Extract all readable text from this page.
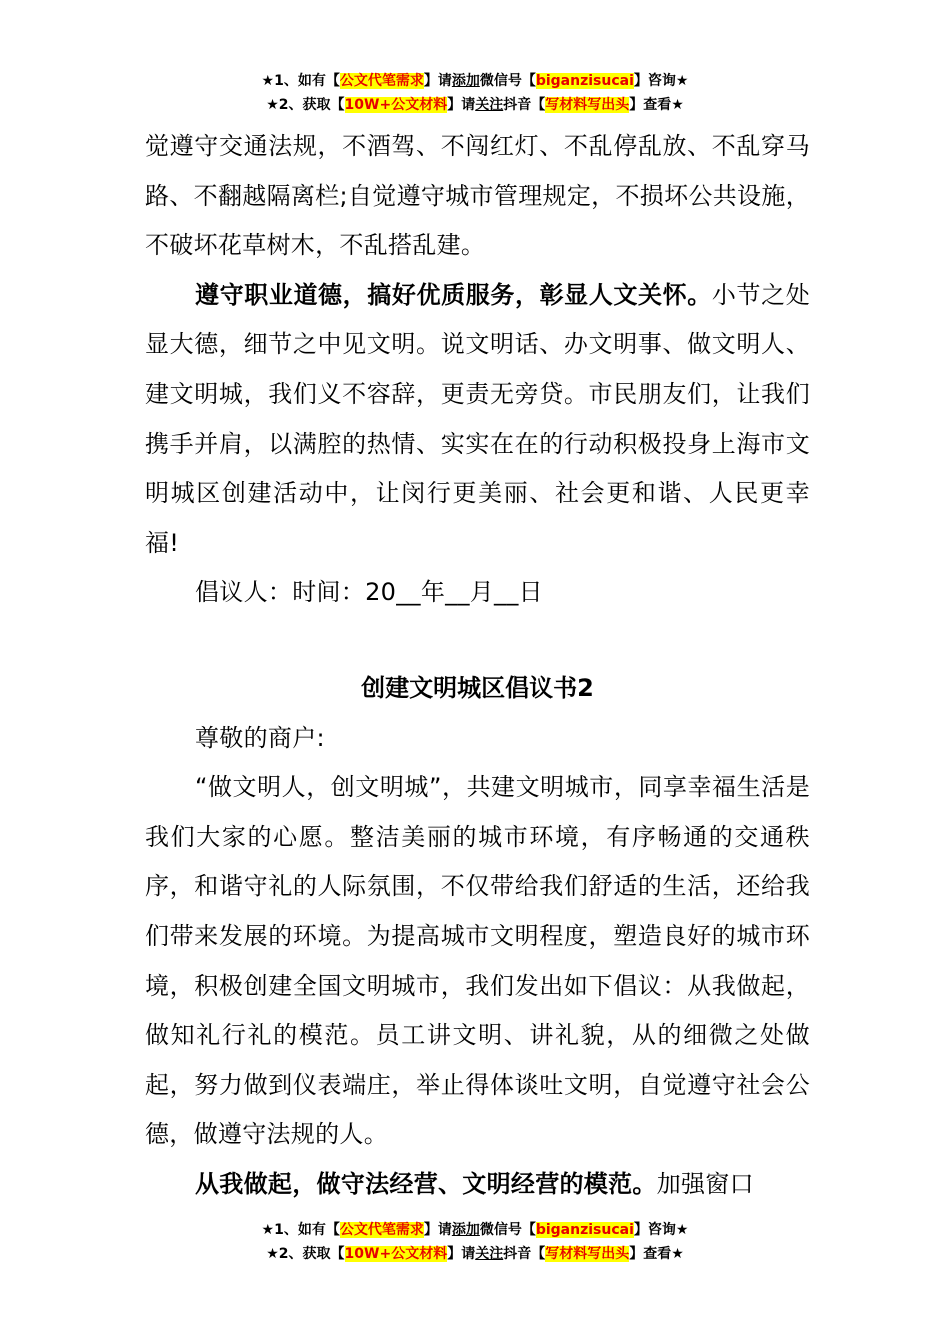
★1、如有【公文代笔需求】请添加微信号【biganzisucai】咨询★
★2、获取【10W+公文材料】请关注抖音【写材料写出头】查看★

觉遵守交通法规，不酒驾、不闯红灯、不乱停乱放、不乱穿马路、不翻越隔离栏;自觉遵守城市管理规定，不损坏公共设施，不破坏花草树木，不乱搭乱建。

遵守职业道德，搞好优质服务，彰显人文关怀。小节之处显大德，细节之中见文明。说文明话、办文明事、做文明人、建文明城，我们义不容辞，更责无旁贷。市民朋友们，让我们携手并肩，以满腔的热情、实实在在的行动积极投身上海市文明城区创建活动中，让闵行更美丽、社会更和谐、人民更幸福!

倡议人：时间：20__年__月__日

创建文明城区倡议书2

尊敬的商户:

“做文明人，创文明城”，共建文明城市，同享幸福生活是我们大家的心愿。整洁美丽的城市环境，有序畅通的交通秩序，和谐守礼的人际氛围，不仅带给我们舒适的生活，还给我们带来发展的环境。为提高城市文明程度，塑造良好的城市环境，积极创建全国文明城市，我们发出如下倡议：从我做起，做知礼行礼的模范。员工讲文明、讲礼貌，从的细微之处做起，努力做到仪表端庄，举止得体谈吐文明，自觉遵守社会公德，做遵守法规的人。

从我做起，做守法经营、文明经营的模范。加强窗口

★1、如有【公文代笔需求】请添加微信号【biganzisucai】咨询★
★2、获取【10W+公文材料】请关注抖音【写材料写出头】查看★
